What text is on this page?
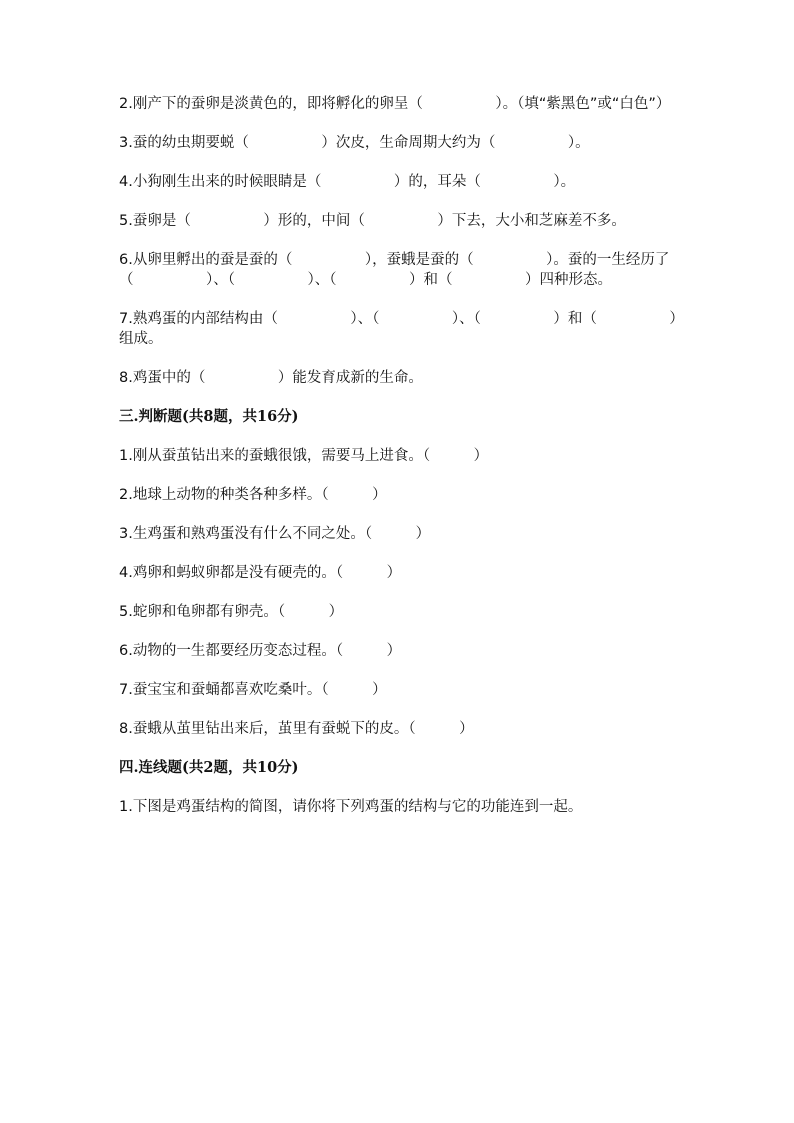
2.刚产下的蚕卵是淡黄色的，即将孵化的卵呈（　　　　　）。（填“紫黑色”或“白色”）

3.蚕的幼虫期要蜕（　　　　　）次皮，生命周期大约为（　　　　　）。

4.小狗刚生出来的时候眼睛是（　　　　　）的，耳朵（　　　　　）。

5.蚕卵是（　　　　　）形的，中间（　　　　　）下去，大小和芝麻差不多。

6.从卵里孵出的蚕是蚕的（　　　　　），蚕蛾是蚕的（　　　　　）。蚕的一生经历了（　　　　　）、（　　　　　）、（　　　　　）和（　　　　　）四种形态。

7.熟鸡蛋的内部结构由（　　　　　）、（　　　　　）、（　　　　　）和（　　　　　）组成。

8.鸡蛋中的（　　　　　）能发育成新的生命。

三.判断题(共8题，共16分)

1.刚从蚕茧钻出来的蚕蛾很饿，需要马上进食。（　　　）

2.地球上动物的种类各种多样。（　　　）

3.生鸡蛋和熟鸡蛋没有什么不同之处。（　　　）

4.鸡卵和蚂蚁卵都是没有硬壳的。（　　　）

5.蛇卵和龟卵都有卵壳。（　　　）

6.动物的一生都要经历变态过程。（　　　）

7.蚕宝宝和蚕蛹都喜欢吃桑叶。（　　　）

8.蚕蛾从茧里钻出来后，茧里有蚕蜕下的皮。（　　　）

四.连线题(共2题，共10分)

1.下图是鸡蛋结构的简图，请你将下列鸡蛋的结构与它的功能连到一起。
